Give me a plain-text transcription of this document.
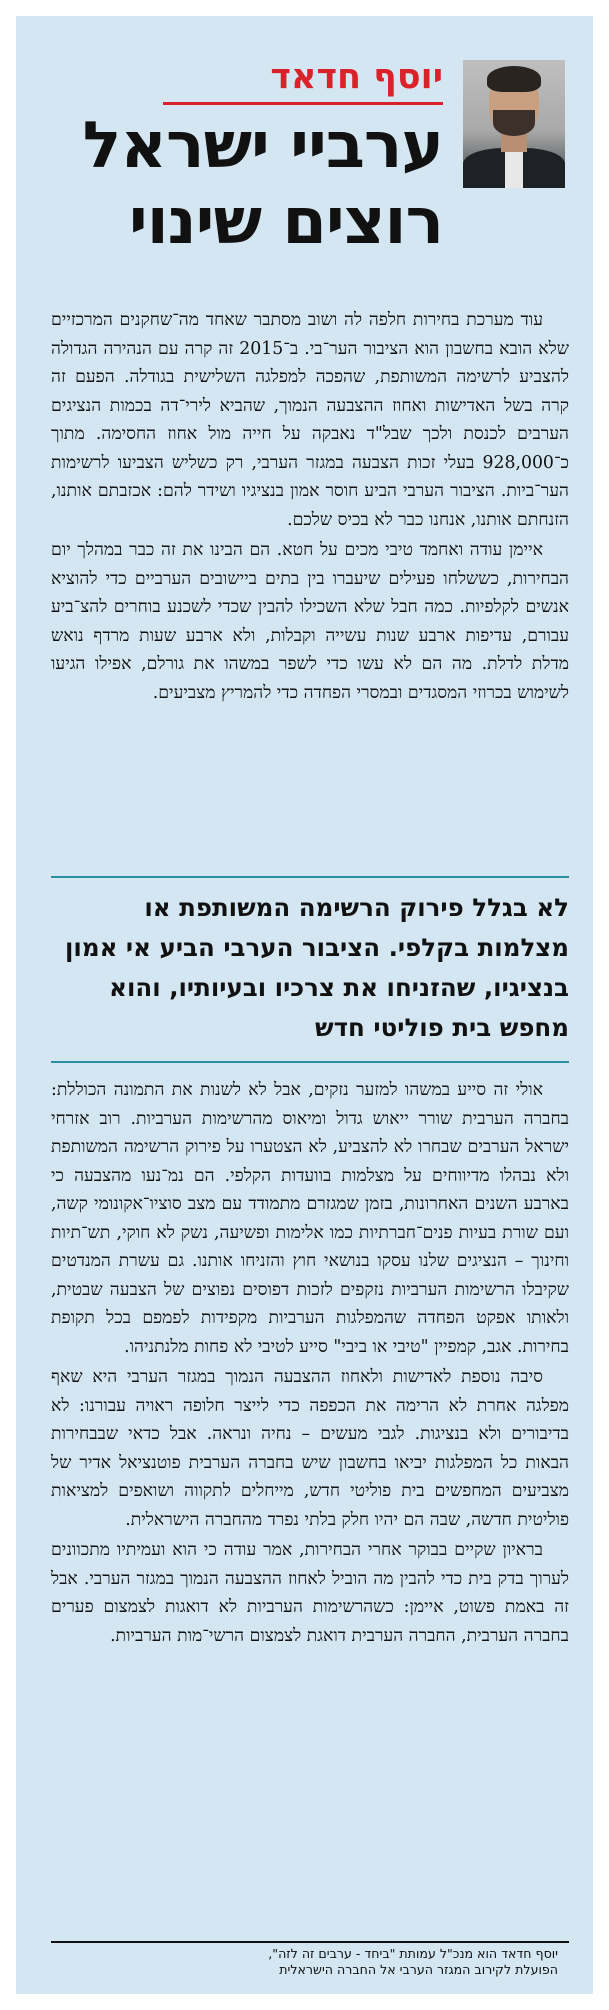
יוסף חדאד
ערביי ישראל
רוצים שינוי

עוד מערכת בחירות חלפה לה ושוב מסתבר שאחד מה־שחקנים המרכזיים שלא הובא בחשבון הוא הציבור הער־בי. ב־2015 זה קרה עם הנהירה הגדולה להצביע לרשימה המשותפת, שהפכה למפלגה השלישית בגודלה. הפעם זה קרה בשל האדישות ואחוז ההצבעה הנמוך, שהביא לירי־דה בכמות הנציגים הערבים לכנסת ולכך שבל"ד נאבקה על חייה מול אחוז החסימה. מתוך כ־928,000 בעלי זכות הצבעה במגזר הערבי, רק כשליש הצביעו לרשימות הער־ביות. הציבור הערבי הביע חוסר אמון בנציגיו ושידר להם: אכזבתם אותנו, הזנחתם אותנו, אנחנו כבר לא בכיס שלכם.

איימן עודה ואחמד טיבי מכים על חטא. הם הבינו את זה כבר במהלך יום הבחירות, כששלחו פעילים שיעברו בין בתים ביישובים הערביים כדי להוציא אנשים לקלפיות. כמה חבל שלא השכילו להבין שכדי לשכנע בוחרים להצ־ביע עבורם, עדיפות ארבע שנות עשייה וקבלות, ולא ארבע שעות מרדף נואש מדלת לדלת. מה הם לא עשו כדי לשפר במשהו את גורלם, אפילו הגיעו לשימוש בכרוזי המסגדים ובמסרי הפחדה כדי להמריץ מצביעים.

לא בגלל פירוק הרשימה המשותפת או מצלמות בקלפי. הציבור הערבי הביע אי אמון בנציגיו, שהזניחו את צרכיו ובעיותיו, והוא מחפש בית פוליטי חדש

אולי זה סייע במשהו למזער נזקים, אבל לא לשנות את התמונה הכוללת: בחברה הערבית שורר ייאוש גדול ומיאוס מהרשימות הערביות. רוב אזרחי ישראל הערבים שבחרו לא להצביע, לא הצטערו על פירוק הרשימה המשותפת ולא נבהלו מדיווחים על מצלמות בוועדות הקלפי. הם נמ־נעו מהצבעה כי בארבע השנים האחרונות, בזמן שמגזרם מתמודד עם מצב סוציו־אקונומי קשה, ועם שורת בעיות פנים־חברתיות כמו אלימות ופשיעה, נשק לא חוקי, תש־תיות וחינוך – הנציגים שלנו עסקו בנושאי חוץ והזניחו אותנו. גם עשרת המנדטים שקיבלו הרשימות הערביות נזקפים לזכות דפוסים נפוצים של הצבעה שבטית, ולאותו אפקט הפחדה שהמפלגות הערביות מקפידות לפמפם בכל תקופת בחירות. אגב, קמפיין "טיבי או ביבי" סייע לטיבי לא פחות מלנתניהו.

סיבה נוספת לאדישות ולאחוז ההצבעה הנמוך במגזר הערבי היא שאף מפלגה אחרת לא הרימה את הכפפה כדי לייצר חלופה ראויה עבורנו: לא בדיבורים ולא בנציגות. לגבי מעשים – נחיה ונראה. אבל כדאי שבבחירות הבאות כל המפלגות יביאו בחשבון שיש בחברה הערבית פוטנציאל אדיר של מצביעים המחפשים בית פוליטי חדש, מייחלים לתקווה ושואפים למציאות פוליטית חדשה, שבה הם יהיו חלק בלתי נפרד מהחברה הישראלית.

בראיון שקיים בבוקר אחרי הבחירות, אמר עודה כי הוא ועמיתיו מתכוונים לערוך בדק בית כדי להבין מה הוביל לאחוז ההצבעה הנמוך במגזר הערבי. אבל זה באמת פשוט, איימן: כשהרשימות הערביות לא דואגות לצמצום פערים בחברה הערבית, החברה הערבית דואגת לצמצום הרשי־מות הערביות.

יוסף חדאד הוא מנכ"ל עמותת "ביחד - ערבים זה לזה",
הפועלת לקירוב המגזר הערבי אל החברה הישראלית
